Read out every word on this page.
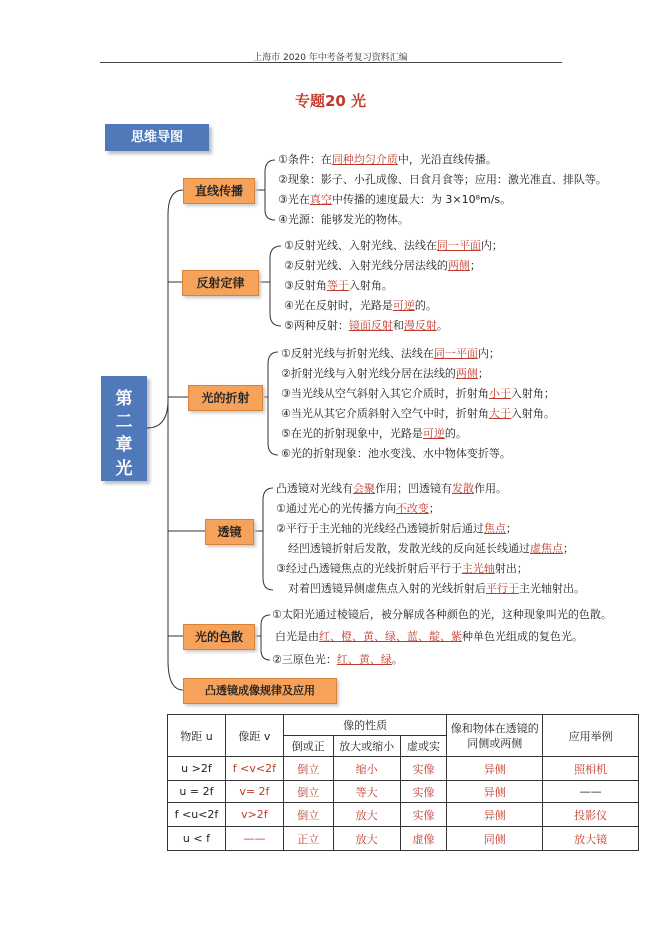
上海市 2020 年中考备考复习资料汇编
专题20 光
思维导图
第
二
章
光
直线传播
反射定律
光的折射
透镜
光的色散
凸透镜成像规律及应用
①条件：在同种均匀介质中，光沿直线传播。
②现象：影子、小孔成像、日食月食等；应用：激光准直、排队等。
③光在真空中传播的速度最大：为 3×10⁸m/s。
④光源：能够发光的物体。
①反射光线、入射光线、法线在同一平面内；
②反射光线、入射光线分居法线的两侧；
③反射角等于入射角。
④光在反射时，光路是可逆的。
⑤两种反射：镜面反射和漫反射。
①反射光线与折射光线、法线在同一平面内；
②折射光线与入射光线分居在法线的两侧；
③当光线从空气斜射入其它介质时，折射角小于入射角；
④当光从其它介质斜射入空气中时，折射角大于入射角。
⑤在光的折射现象中，光路是可逆的。
⑥光的折射现象：池水变浅、水中物体变折等。
凸透镜对光线有会聚作用；凹透镜有发散作用。
①通过光心的光传播方向不改变；
②平行于主光轴的光线经凸透镜折射后通过焦点；
经凹透镜折射后发散，发散光线的反向延长线通过虚焦点；
③经过凸透镜焦点的光线折射后平行于主光轴射出；
对着凹透镜异侧虚焦点入射的光线折射后平行于主光轴射出。
①太阳光通过棱镜后，被分解成各种颜色的光，这种现象叫光的色散。
白光是由红、橙、黄、绿、蓝、靛、紫种单色光组成的复色光。
②三原色光：红、黄、绿。
物距 u	像距 v	像的性质			像和物体在透镜的同侧或两侧	应用举例
		倒或正	放大或缩小	虚或实		
u >2f	f <v<2f	倒立	缩小	实像	异侧	照相机
u = 2f	v= 2f	倒立	等大	实像	异侧	——
f <u<2f	v>2f	倒立	放大	实像	异侧	投影仪
u < f	——	正立	放大	虚像	同侧	放大镜
